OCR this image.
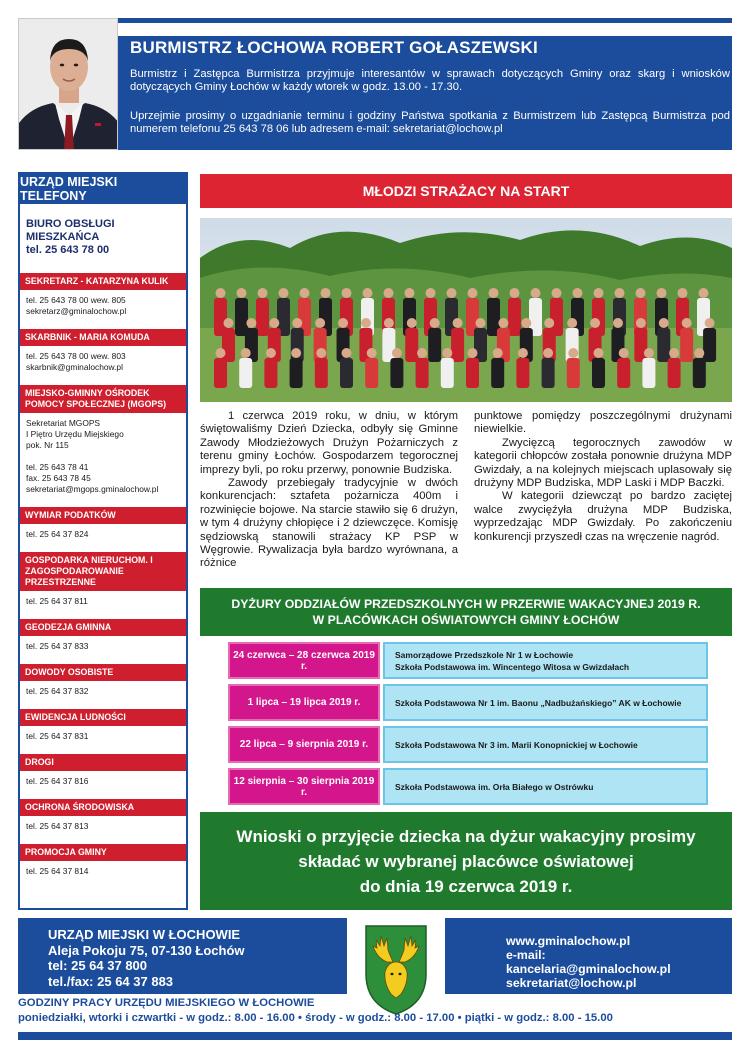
BURMISTRZ ŁOCHOWA ROBERT GOŁASZEWSKI
Burmistrz i Zastępca Burmistrza przyjmuje interesantów w sprawach dotyczących Gminy oraz skarg i wniosków dotyczących Gminy Łochów w każdy wtorek w godz. 13.00 - 17.30.
Uprzejmie prosimy o uzgadnianie terminu i godziny Państwa spotkania z Burmistrzem lub Zastępcą Burmistrza pod numerem telefonu 25 643 78 06 lub adresem e-mail: sekretariat@lochow.pl
URZĄD MIEJSKI TELEFONY
BIURO OBSŁUGI MIESZKAŃCA
tel. 25 643 78 00
SEKRETARZ - KATARZYNA KULIK
tel. 25 643 78 00 wew. 805
sekretarz@gminalochow.pl
SKARBNIK - MARIA KOMUDA
tel. 25 643 78 00 wew. 803
skarbnik@gminalochow.pl
MIEJSKO-GMINNY OŚRODEK POMOCY SPOŁECZNEJ (MGOPS)
Sekretariat MGOPS
I Piętro Urzędu Miejskiego
pok. Nr 115

tel. 25 643 78 41
fax. 25 643 78 45
sekretariat@mgops.gminalochow.pl
WYMIAR PODATKÓW
tel. 25 64 37 824
GOSPODARKA NIERUCHOM. I ZAGOSPODAROWANIE PRZESTRZENNE
tel. 25 64 37 811
GEODEZJA GMINNA
tel. 25 64 37 833
DOWODY OSOBISTE
tel. 25 64 37 832
EWIDENCJA LUDNOŚCI
tel. 25 64 37 831
DROGI
tel. 25 64 37 816
OCHRONA ŚRODOWISKA
tel. 25 64 37 813
PROMOCJA GMINY
tel. 25 64 37 814
MŁODZI STRAŻACY NA START

1 czerwca 2019 roku, w dniu, w którym świętowaliśmy Dzień Dziecka, odbyły się Gminne Zawody Młodzieżowych Drużyn Pożarniczych z terenu gminy Łochów. Gospodarzem tegorocznej imprezy byli, po roku przerwy, ponownie Budziska.

Zawody przebiegały tradycyjnie w dwóch konkurencjach: sztafeta pożarnicza 400m i rozwinięcie bojowe. Na starcie stawiło się 6 drużyn, w tym 4 drużyny chłopięce i 2 dziewczęce. Komisję sędziowską stanowili strażacy KP PSP w Węgrowie. Rywalizacja była bardzo wyrównana, a różnice

punktowe pomiędzy poszczególnymi drużynami niewielkie.

Zwycięzcą tegorocznych zawodów w kategorii chłopców została ponownie drużyna MDP Gwizdały, a na kolejnych miejscach uplasowały się drużyny MDP Budziska, MDP Laski i MDP Baczki.

W kategorii dziewcząt po bardzo zaciętej walce zwycięźyła drużyna MDP Budziska, wyprzedzając MDP Gwizdały. Po zakończeniu konkurencji przyszedł czas na wręczenie nagród.

DYŻURY ODDZIAŁÓW PRZEDSZKOLNYCH W PRZERWIE WAKACYJNEJ 2019 R.
W PLACÓWKACH OŚWIATOWYCH GMINY ŁOCHÓW
24 czerwca – 28 czerwca 2019 r.
Samorządowe Przedszkole Nr 1 w Łochowie
Szkoła Podstawowa im. Wincentego Witosa w Gwizdałach
1 lipca – 19 lipca 2019 r.	Szkoła Podstawowa Nr 1 im. Baonu „Nadbużańskiego” AK w Łochowie
22 lipca – 9 sierpnia 2019 r.	Szkoła Podstawowa Nr 3 im. Marii Konopnickiej w Łochowie
12 sierpnia – 30 sierpnia 2019 r.	Szkoła Podstawowa im. Orła Białego w Ostrówku
Wnioski o przyjęcie dziecka na dyżur wakacyjny prosimy
składać w wybranej placówce oświatowej
do dnia 19 czerwca 2019 r.
URZĄD MIEJSKI W ŁOCHOWIE
Aleja Pokoju 75, 07-130 Łochów
tel: 25 64 37 800
tel./fax: 25 64 37 883
www.gminalochow.pl
e-mail:
kancelaria@gminalochow.pl
sekretariat@lochow.pl
GODZINY PRACY URZĘDU MIEJSKIEGO W ŁOCHOWIE
poniedziałki, wtorki i czwartki - w godz.: 8.00 - 16.00 • środy - w godz.: 8.00 - 17.00 • piątki - w godz.: 8.00 - 15.00
